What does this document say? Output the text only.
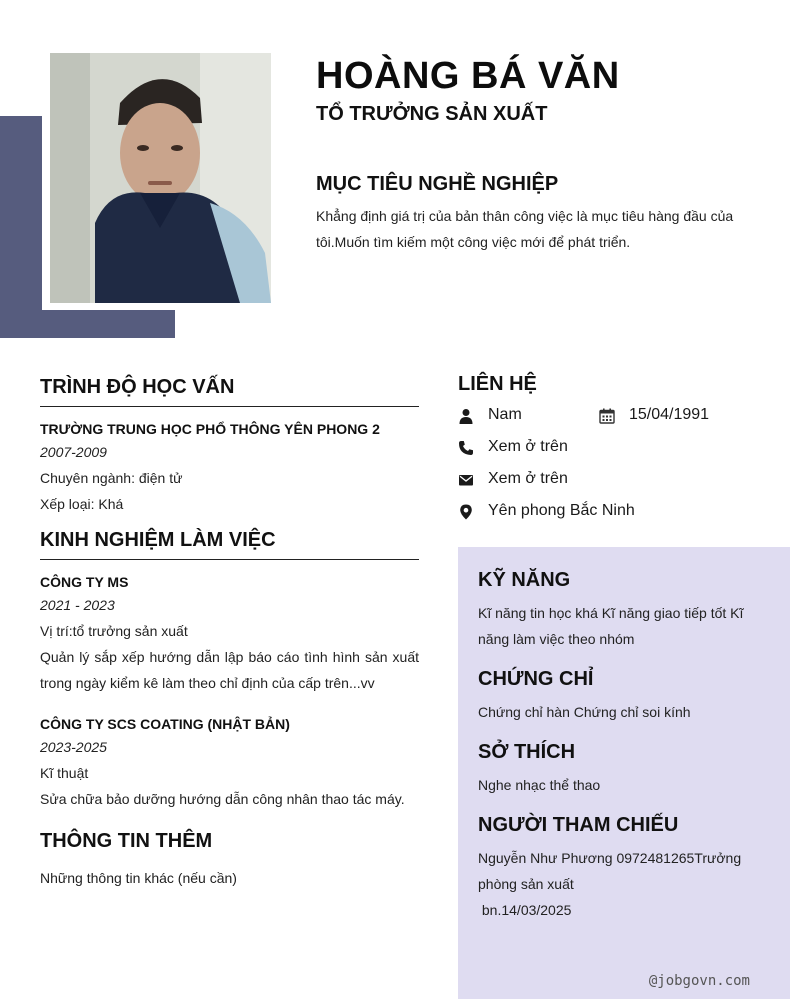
HOÀNG BÁ VĂN
TỔ TRƯỞNG SẢN XUẤT
MỤC TIÊU NGHỀ NGHIỆP
Khẳng định giá trị của bản thân công việc là mục tiêu hàng đầu của tôi.Muốn tìm kiếm một công việc mới để phát triển.
TRÌNH ĐỘ HỌC VẤN
TRƯỜNG TRUNG HỌC PHỔ THÔNG YÊN PHONG 2
2007-2009
Chuyên ngành: điện tử
Xếp loại: Khá
KINH NGHIỆM LÀM VIỆC
CÔNG TY MS
2021 - 2023
Vị trí:tổ trưởng sản xuất
Quản lý sắp xếp hướng dẫn lập báo cáo tình hình sản xuất trong ngày kiểm kê làm theo chỉ định của cấp trên...vv
CÔNG TY SCS COATING (NHẬT BẢN)
2023-2025
Kĩ thuật
Sửa chữa bảo dưỡng hướng dẫn công nhân thao tác máy.
THÔNG TIN THÊM
Những thông tin khác (nếu cần)
LIÊN HỆ
Nam	15/04/1991
Xem ở trên
Xem ở trên
Yên phong Bắc Ninh
KỸ NĂNG
Kĩ năng tin học khá Kĩ năng giao tiếp tốt Kĩ năng làm việc theo nhóm
CHỨNG CHỈ
Chứng chỉ hàn Chứng chỉ soi kính
SỞ THÍCH
Nghe nhạc thể thao
NGƯỜI THAM CHIẾU
Nguyễn Như Phương 0972481265Trưởng phòng sản xuất
bn.14/03/2025
@jobgovn.com
